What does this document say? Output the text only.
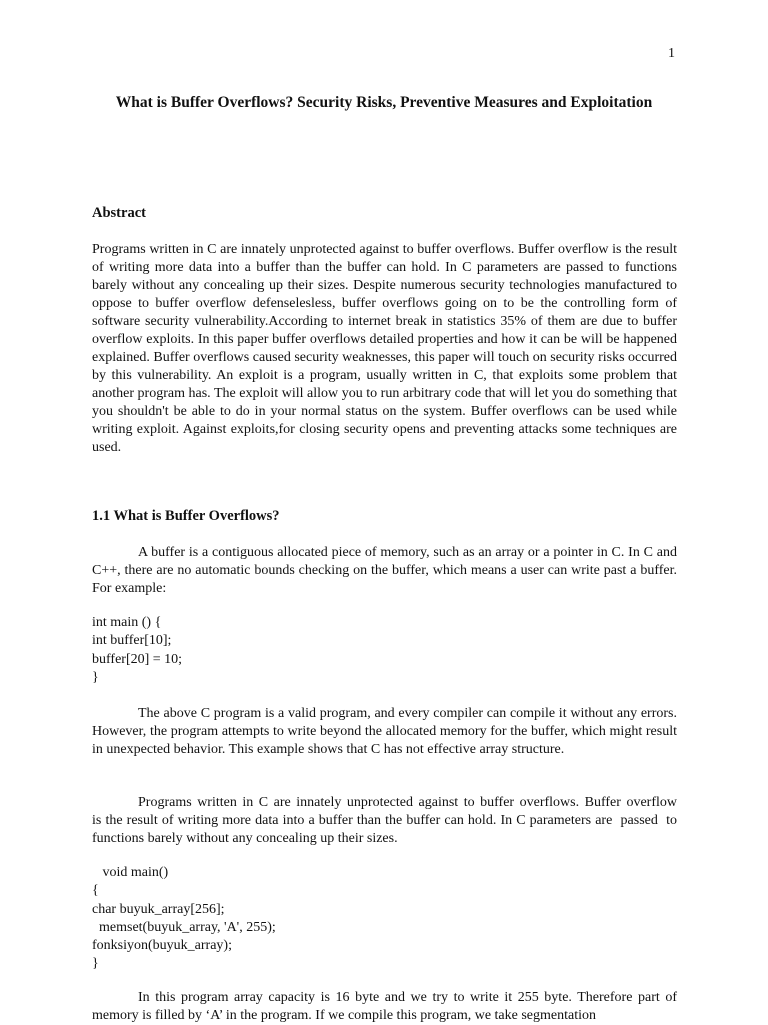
1
What is Buffer Overflows? Security Risks, Preventive Measures and Exploitation
Abstract
Programs written in C are innately unprotected against to buffer overflows. Buffer overflow is the result of writing more data into a buffer than the buffer can hold. In C parameters are passed to functions barely without any concealing up their sizes. Despite numerous security technologies manufactured to oppose to buffer overflow defenselesless, buffer overflows going on to be the controlling form of software security vulnerability.According to internet break in statistics 35% of them are due to buffer overflow exploits. In this paper buffer overflows detailed properties and how it can be will be happened explained. Buffer overflows caused security weaknesses, this paper will touch on security risks occurred by this vulnerability. An exploit is a program, usually written in C, that exploits some problem that another program has. The exploit will allow you to run arbitrary code that will let you do something that you shouldn't be able to do in your normal status on the system. Buffer overflows can be used while writing exploit. Against exploits,for closing security opens and preventing attacks some techniques are used.
1.1 What is Buffer Overflows?
A buffer is a contiguous allocated piece of memory, such as an array or a pointer in C. In C and C++, there are no automatic bounds checking on the buffer, which means a user can write past a buffer. For example:
int main () {
int buffer[10];
buffer[20] = 10;
}
The above C program is a valid program, and every compiler can compile it without any errors. However, the program attempts to write beyond the allocated memory for the buffer, which might result in unexpected behavior. This example shows that C has not effective array structure.
Programs written in C are innately unprotected against to buffer overflows. Buffer overflow     is the result of writing more data into a buffer than the buffer can hold. In C parameters are  passed  to functions barely without any concealing up their sizes.
void main()
{
char buyuk_array[256];
memset(buyuk_array, 'A', 255);
fonksiyon(buyuk_array);
}
In this program array capacity is 16 byte and we try to write it 255 byte. Therefore part of memory is filled by ‘A’ in the program. If we compile this program, we take segmentation
